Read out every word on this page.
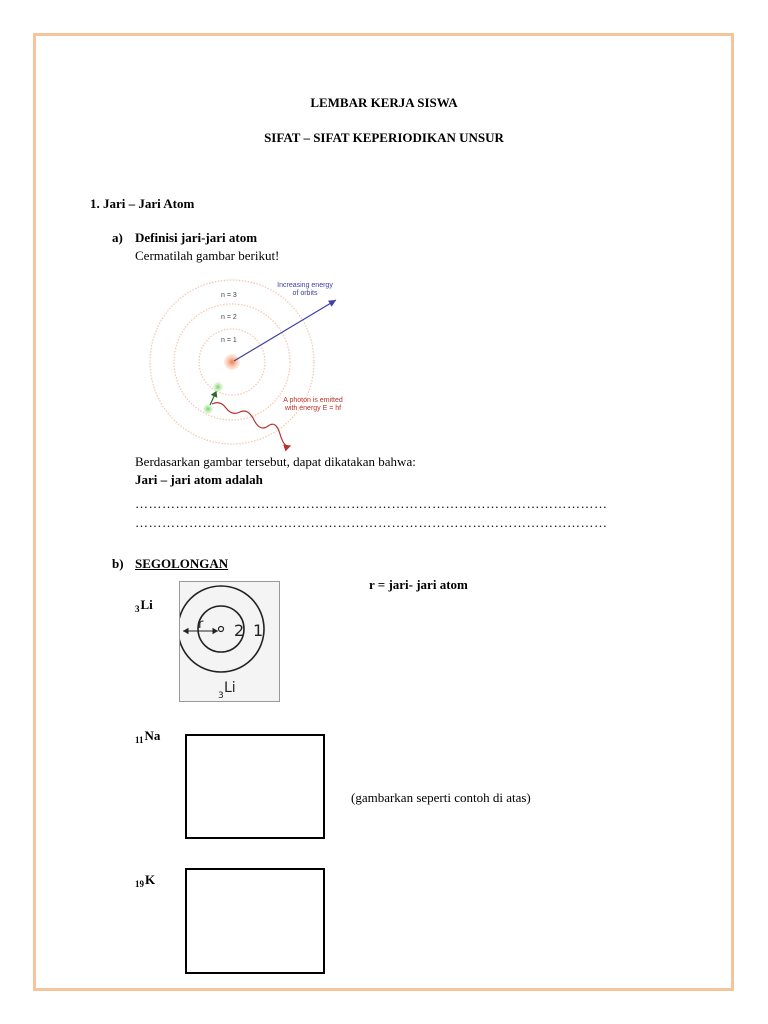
LEMBAR KERJA SISWA
SIFAT – SIFAT KEPERIODIKAN UNSUR
1. Jari – Jari Atom
a) Definisi jari-jari atom
Cermatilah gambar berikut!
n = 3
n = 2
n = 1
Increasing energy
of orbits
A photon is emitted
with energy E = hf
Berdasarkan gambar tersebut, dapat dikatakan bahwa:
Jari – jari atom adalah
……………………………………………………………………………………………
……………………………………………………………………………………………
b) SEGOLONGAN
r = jari- jari atom
$_3$Li
r 2 1
3 Li
$_{11}$Na
(gambarkan seperti contoh di atas)
$_{19}$K
